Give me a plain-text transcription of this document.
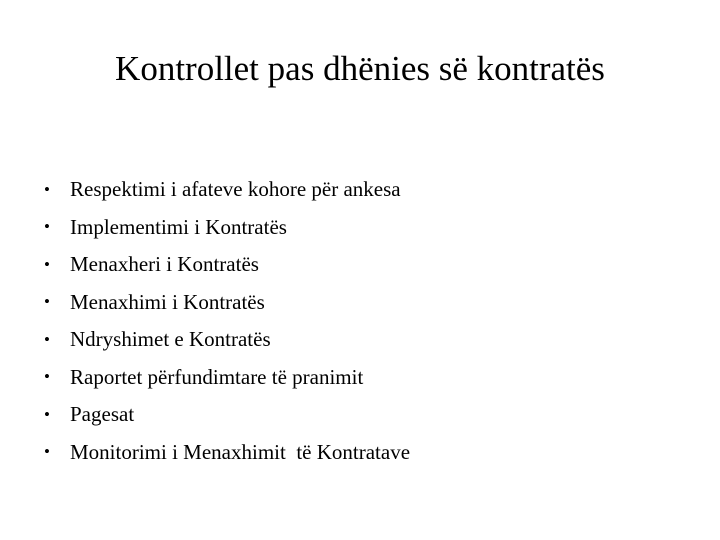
Kontrollet pas dhënies së kontratës
• Respektimi i afateve kohore për ankesa
• Implementimi i Kontratës
• Menaxheri i Kontratës
• Menaxhimi i Kontratës
• Ndryshimet e Kontratës
• Raportet përfundimtare të pranimit
• Pagesat
• Monitorimi i Menaxhimit  të Kontratave
